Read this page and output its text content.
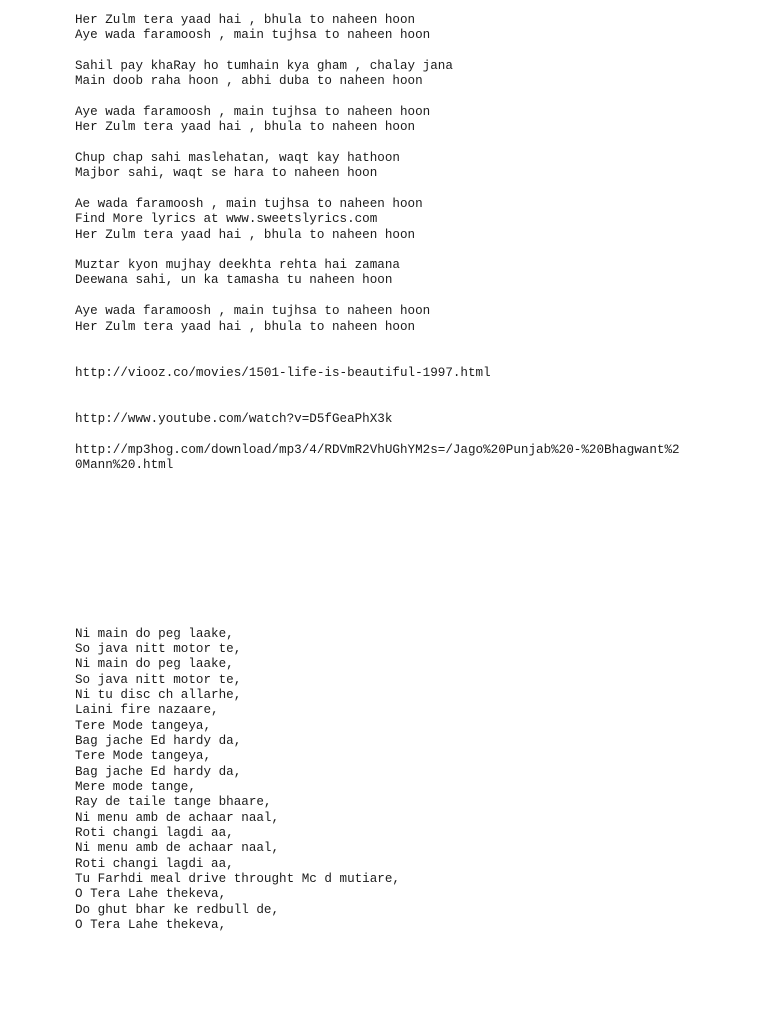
Her Zulm tera yaad hai , bhula to naheen hoon
Aye wada faramoosh , main tujhsa to naheen hoon
Sahil pay khaRay ho tumhain kya gham , chalay jana
Main doob raha hoon , abhi duba to naheen hoon
Aye wada faramoosh , main tujhsa to naheen hoon
Her Zulm tera yaad hai , bhula to naheen hoon
Chup chap sahi maslehatan, waqt kay hathoon
Majbor sahi, waqt se hara to naheen hoon
Ae wada faramoosh , main tujhsa to naheen hoon
Find More lyrics at www.sweetslyrics.com
Her Zulm tera yaad hai , bhula to naheen hoon
Muztar kyon mujhay deekhta rehta hai zamana
Deewana sahi, un ka tamasha tu naheen hoon
Aye wada faramoosh , main tujhsa to naheen hoon
Her Zulm tera yaad hai , bhula to naheen hoon
http://viooz.co/movies/1501-life-is-beautiful-1997.html
http://www.youtube.com/watch?v=D5fGeaPhX3k
http://mp3hog.com/download/mp3/4/RDVmR2VhUGhYM2s=/Jago%20Punjab%20-%20Bhagwant%2
0Mann%20.html
Ni main do peg laake,
So java nitt motor te,
Ni main do peg laake,
So java nitt motor te,
Ni tu disc ch allarhe,
Laini fire nazaare,
Tere Mode tangeya,
Bag jache Ed hardy da,
Tere Mode tangeya,
Bag jache Ed hardy da,
Mere mode tange,
Ray de taile tange bhaare,
Ni menu amb de achaar naal,
Roti changi lagdi aa,
Ni menu amb de achaar naal,
Roti changi lagdi aa,
Tu Farhdi meal drive throught Mc d mutiare,
O Tera Lahe thekeva,
Do ghut bhar ke redbull de,
O Tera Lahe thekeva,
